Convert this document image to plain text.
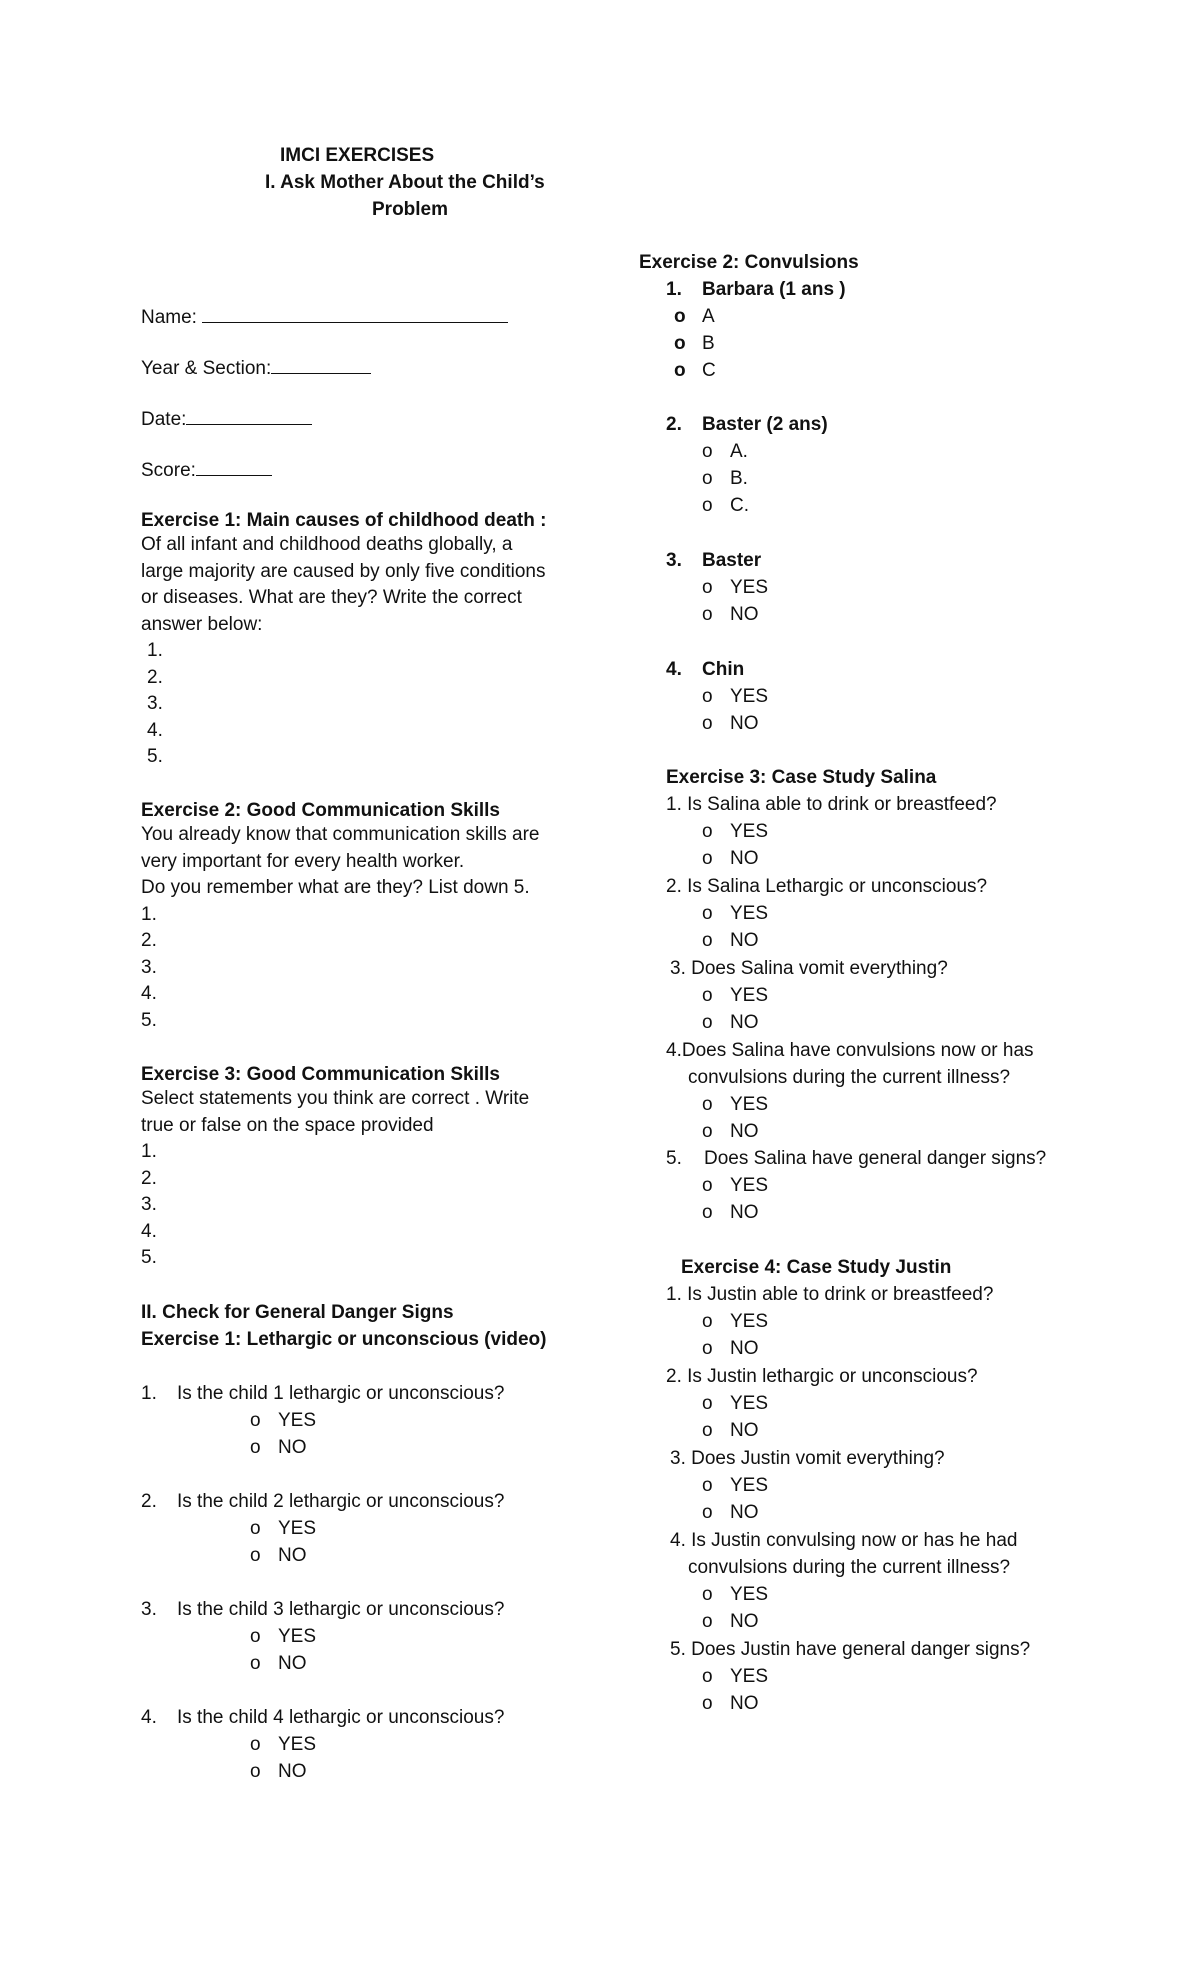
IMCI EXERCISES
I. Ask Mother About the Child’s
Problem
Name:
Year & Section:
Date:
Score:
Exercise 1: Main causes of childhood death :
Of all infant and childhood deaths globally, a
large majority are caused by only five conditions
or diseases. What are they? Write the correct
answer below:
1.
2.
3.
4.
5.
Exercise 2: Good Communication Skills
You already know that communication skills are
very important for every health worker.
Do you remember what are they? List down 5.
1.
2.
3.
4.
5.
Exercise 3: Good Communication Skills
Select statements you think are correct . Write
true or false on the space provided
1.
2.
3.
4.
5.
II. Check for General Danger Signs
Exercise 1: Lethargic or unconscious (video)
1. Is the child 1 lethargic or unconscious?
o YES
o NO
2. Is the child 2 lethargic or unconscious?
o YES
o NO
3. Is the child 3 lethargic or unconscious?
o YES
o NO
4. Is the child 4 lethargic or unconscious?
o YES
o NO
Exercise 2: Convulsions
1. Barbara (1 ans )
o A
o B
o C
2. Baster (2 ans)
o A.
o B.
o C.
3. Baster
o YES
o NO
4. Chin
o YES
o NO
Exercise 3: Case Study Salina
1. Is Salina able to drink or breastfeed?
o YES
o NO
2. Is Salina Lethargic or unconscious?
o YES
o NO
3. Does Salina vomit everything?
o YES
o NO
4.Does Salina have convulsions now or has
convulsions during the current illness?
o YES
o NO
5. Does Salina have general danger signs?
o YES
o NO
Exercise 4: Case Study Justin
1. Is Justin able to drink or breastfeed?
o YES
o NO
2. Is Justin lethargic or unconscious?
o YES
o NO
3. Does Justin vomit everything?
o YES
o NO
4. Is Justin convulsing now or has he had
convulsions during the current illness?
o YES
o NO
5. Does Justin have general danger signs?
o YES
o NO
